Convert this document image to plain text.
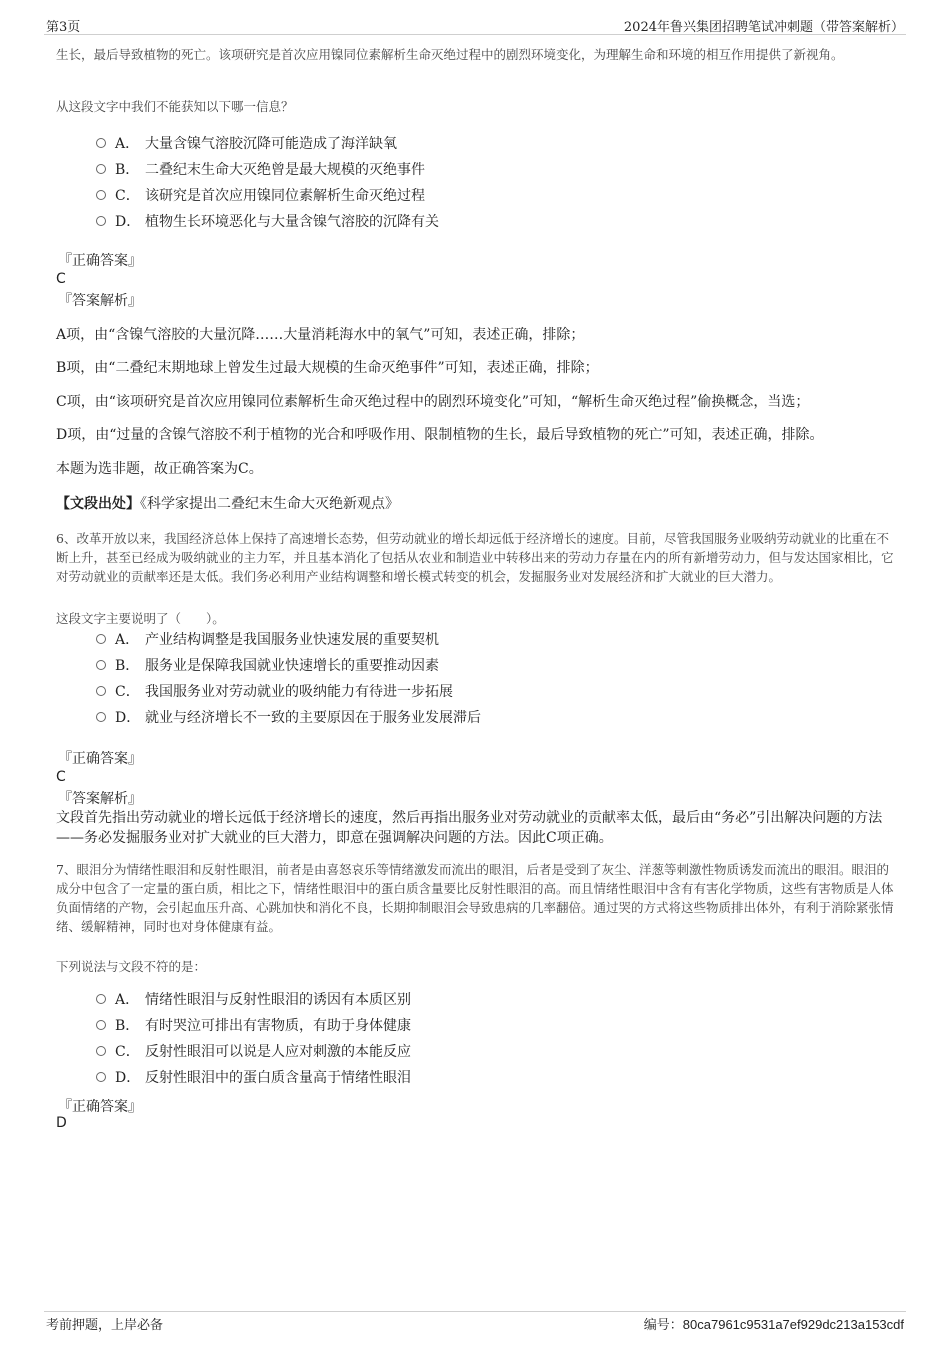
第3页	2024年鲁兴集团招聘笔试冲刺题（带答案解析）

生长，最后导致植物的死亡。该项研究是首次应用镍同位素解析生命灭绝过程中的剧烈环境变化，为理解生命和环境的相互作用提供了新视角。

从这段文字中我们不能获知以下哪一信息？

A． 大量含镍气溶胶沉降可能造成了海洋缺氧
B． 二叠纪末生命大灭绝曾是最大规模的灭绝事件
C． 该研究是首次应用镍同位素解析生命灭绝过程
D． 植物生长环境恶化与大量含镍气溶胶的沉降有关
『正确答案』
C
『答案解析』

A项，由“含镍气溶胶的大量沉降……大量消耗海水中的氧气”可知，表述正确，排除；

B项，由“二叠纪末期地球上曾发生过最大规模的生命灭绝事件”可知，表述正确，排除；

C项，由“该项研究是首次应用镍同位素解析生命灭绝过程中的剧烈环境变化”可知，“解析生命灭绝过程”偷换概念，当选；

D项，由“过量的含镍气溶胶不利于植物的光合和呼吸作用、限制植物的生长，最后导致植物的死亡”可知，表述正确，排除。

本题为选非题，故正确答案为C。

【文段出处】《科学家提出二叠纪末生命大灭绝新观点》

6、改革开放以来，我国经济总体上保持了高速增长态势，但劳动就业的增长却远低于经济增长的速度。目前，尽管我国服务业吸纳劳动就业的比重在不断上升，甚至已经成为吸纳就业的主力军，并且基本消化了包括从农业和制造业中转移出来的劳动力存量在内的所有新增劳动力，但与发达国家相比，它对劳动就业的贡献率还是太低。我们务必利用产业结构调整和增长模式转变的机会，发掘服务业对发展经济和扩大就业的巨大潜力。

这段文字主要说明了（　　）。

A． 产业结构调整是我国服务业快速发展的重要契机
B． 服务业是保障我国就业快速增长的重要推动因素
C． 我国服务业对劳动就业的吸纳能力有待进一步拓展
D． 就业与经济增长不一致的主要原因在于服务业发展滞后
『正确答案』
C
『答案解析』

文段首先指出劳动就业的增长远低于经济增长的速度，然后再指出服务业对劳动就业的贡献率太低，最后由“务必”引出解决问题的方法——务必发掘服务业对扩大就业的巨大潜力，即意在强调解决问题的方法。因此C项正确。

7、眼泪分为情绪性眼泪和反射性眼泪，前者是由喜怒哀乐等情绪激发而流出的眼泪，后者是受到了灰尘、洋葱等刺激性物质诱发而流出的眼泪。眼泪的成分中包含了一定量的蛋白质，相比之下，情绪性眼泪中的蛋白质含量要比反射性眼泪的高。而且情绪性眼泪中含有有害化学物质，这些有害物质是人体负面情绪的产物，会引起血压升高、心跳加快和消化不良，长期抑制眼泪会导致患病的几率翻倍。通过哭的方式将这些物质排出体外，有利于消除紧张情绪、缓解精神，同时也对身体健康有益。

下列说法与文段不符的是：

A． 情绪性眼泪与反射性眼泪的诱因有本质区别
B． 有时哭泣可排出有害物质，有助于身体健康
C． 反射性眼泪可以说是人应对刺激的本能反应
D． 反射性眼泪中的蛋白质含量高于情绪性眼泪
『正确答案』
D
考前押题，上岸必备	编号：80ca7961c9531a7ef929dc213a153cdf
